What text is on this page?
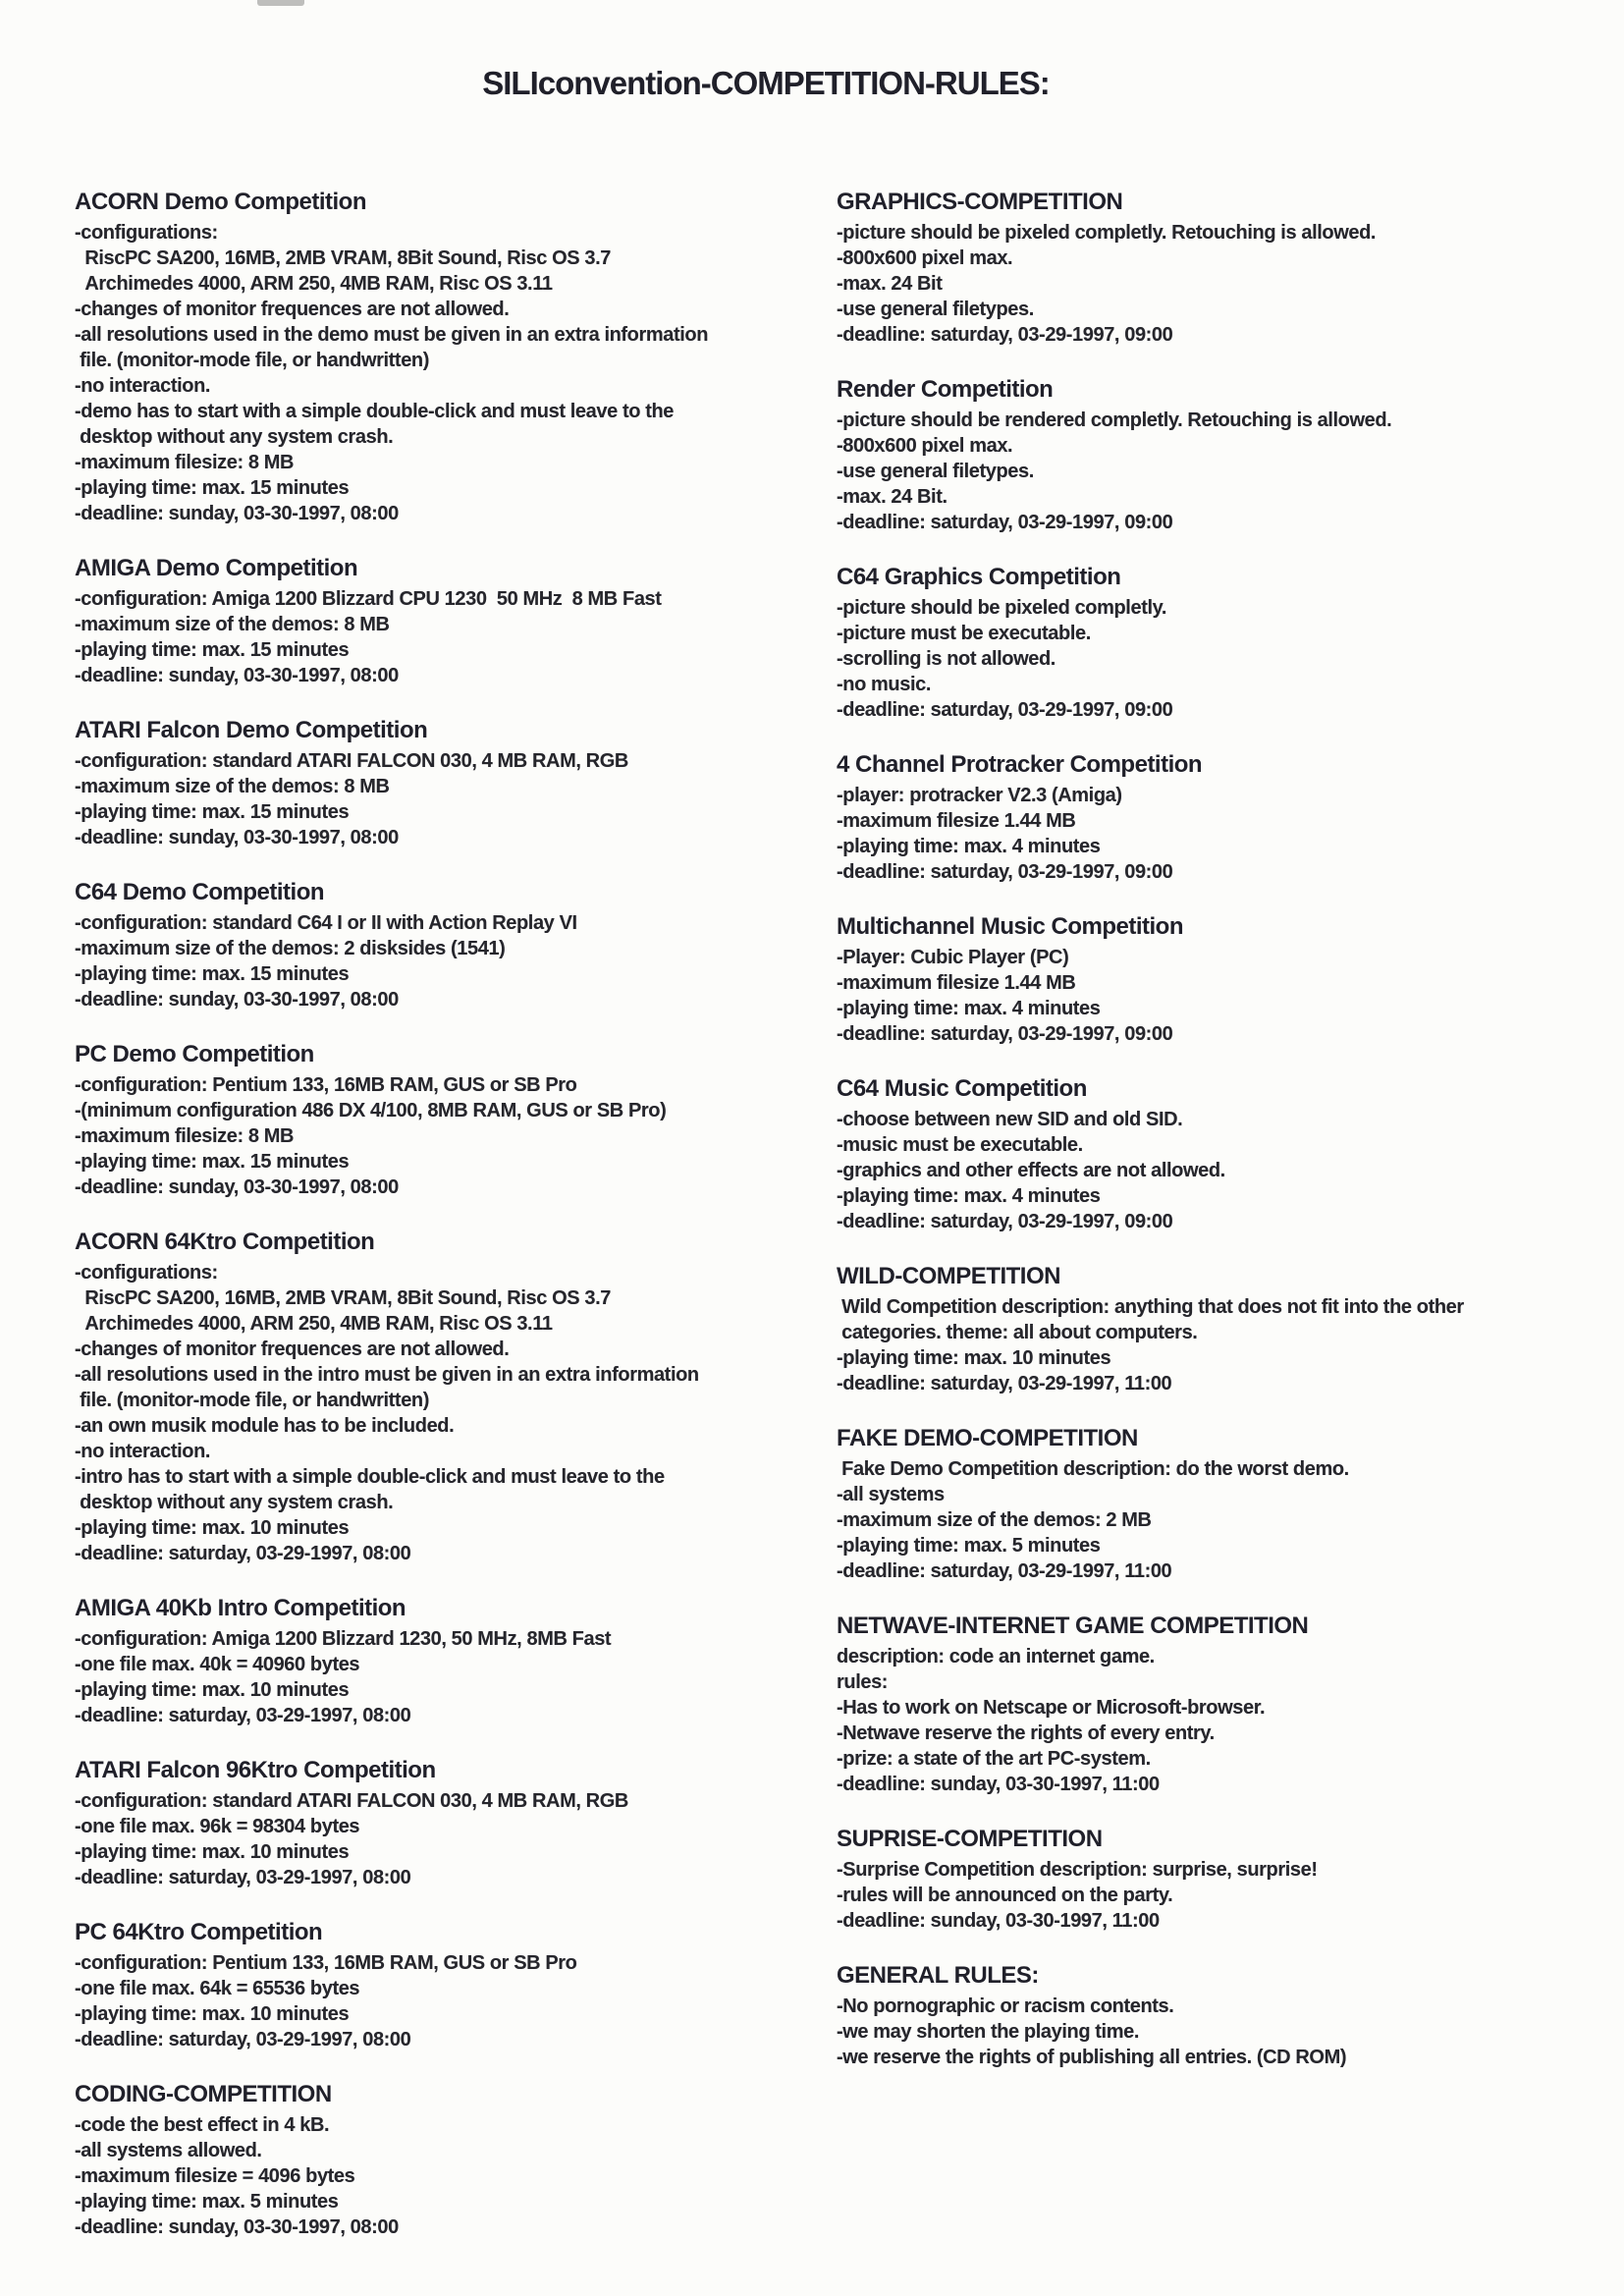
SILIconvention-COMPETITION-RULES:
ACORN Demo Competition
-configurations:
RiscPC SA200, 16MB, 2MB VRAM, 8Bit Sound, Risc OS 3.7
Archimedes 4000, ARM 250, 4MB RAM, Risc OS 3.11
-changes of monitor frequences are not allowed.
-all resolutions used in the demo must be given in an extra information
file. (monitor-mode file, or handwritten)
-no interaction.
-demo has to start with a simple double-click and must leave to the
desktop without any system crash.
-maximum filesize: 8 MB
-playing time: max. 15 minutes
-deadline: sunday, 03-30-1997, 08:00
AMIGA Demo Competition
-configuration: Amiga 1200 Blizzard CPU 1230  50 MHz  8 MB Fast
-maximum size of the demos: 8 MB
-playing time: max. 15 minutes
-deadline: sunday, 03-30-1997, 08:00
ATARI Falcon Demo Competition
-configuration: standard ATARI FALCON 030, 4 MB RAM, RGB
-maximum size of the demos: 8 MB
-playing time: max. 15 minutes
-deadline: sunday, 03-30-1997, 08:00
C64 Demo Competition
-configuration: standard C64 I or II with Action Replay VI
-maximum size of the demos: 2 disksides (1541)
-playing time: max. 15 minutes
-deadline: sunday, 03-30-1997, 08:00
PC Demo Competition
-configuration: Pentium 133, 16MB RAM, GUS or SB Pro
-(minimum configuration 486 DX 4/100, 8MB RAM, GUS or SB Pro)
-maximum filesize: 8 MB
-playing time: max. 15 minutes
-deadline: sunday, 03-30-1997, 08:00
ACORN 64Ktro Competition
-configurations:
RiscPC SA200, 16MB, 2MB VRAM, 8Bit Sound, Risc OS 3.7
Archimedes 4000, ARM 250, 4MB RAM, Risc OS 3.11
-changes of monitor frequences are not allowed.
-all resolutions used in the intro must be given in an extra information
file. (monitor-mode file, or handwritten)
-an own musik module has to be included.
-no interaction.
-intro has to start with a simple double-click and must leave to the
desktop without any system crash.
-playing time: max. 10 minutes
-deadline: saturday, 03-29-1997, 08:00
AMIGA 40Kb Intro Competition
-configuration: Amiga 1200 Blizzard 1230, 50 MHz, 8MB Fast
-one file max. 40k = 40960 bytes
-playing time: max. 10 minutes
-deadline: saturday, 03-29-1997, 08:00
ATARI Falcon 96Ktro Competition
-configuration: standard ATARI FALCON 030, 4 MB RAM, RGB
-one file max. 96k = 98304 bytes
-playing time: max. 10 minutes
-deadline: saturday, 03-29-1997, 08:00
PC 64Ktro Competition
-configuration: Pentium 133, 16MB RAM, GUS or SB Pro
-one file max. 64k = 65536 bytes
-playing time: max. 10 minutes
-deadline: saturday, 03-29-1997, 08:00
CODING-COMPETITION
-code the best effect in 4 kB.
-all systems allowed.
-maximum filesize = 4096 bytes
-playing time: max. 5 minutes
-deadline: sunday, 03-30-1997, 08:00
GRAPHICS-COMPETITION
-picture should be pixeled completly. Retouching is allowed.
-800x600 pixel max.
-max. 24 Bit
-use general filetypes.
-deadline: saturday, 03-29-1997, 09:00
Render Competition
-picture should be rendered completly. Retouching is allowed.
-800x600 pixel max.
-use general filetypes.
-max. 24 Bit.
-deadline: saturday, 03-29-1997, 09:00
C64 Graphics Competition
-picture should be pixeled completly.
-picture must be executable.
-scrolling is not allowed.
-no music.
-deadline: saturday, 03-29-1997, 09:00
4 Channel Protracker Competition
-player: protracker V2.3 (Amiga)
-maximum filesize 1.44 MB
-playing time: max. 4 minutes
-deadline: saturday, 03-29-1997, 09:00
Multichannel Music Competition
-Player: Cubic Player (PC)
-maximum filesize 1.44 MB
-playing time: max. 4 minutes
-deadline: saturday, 03-29-1997, 09:00
C64 Music Competition
-choose between new SID and old SID.
-music must be executable.
-graphics and other effects are not allowed.
-playing time: max. 4 minutes
-deadline: saturday, 03-29-1997, 09:00
WILD-COMPETITION
Wild Competition description: anything that does not fit into the other
categories. theme: all about computers.
-playing time: max. 10 minutes
-deadline: saturday, 03-29-1997, 11:00
FAKE DEMO-COMPETITION
Fake Demo Competition description: do the worst demo.
-all systems
-maximum size of the demos: 2 MB
-playing time: max. 5 minutes
-deadline: saturday, 03-29-1997, 11:00
NETWAVE-INTERNET GAME COMPETITION
description: code an internet game.
rules:
-Has to work on Netscape or Microsoft-browser.
-Netwave reserve the rights of every entry.
-prize: a state of the art PC-system.
-deadline: sunday, 03-30-1997, 11:00
SUPRISE-COMPETITION
-Surprise Competition description: surprise, surprise!
-rules will be announced on the party.
-deadline: sunday, 03-30-1997, 11:00
GENERAL RULES:
-No pornographic or racism contents.
-we may shorten the playing time.
-we reserve the rights of publishing all entries. (CD ROM)
